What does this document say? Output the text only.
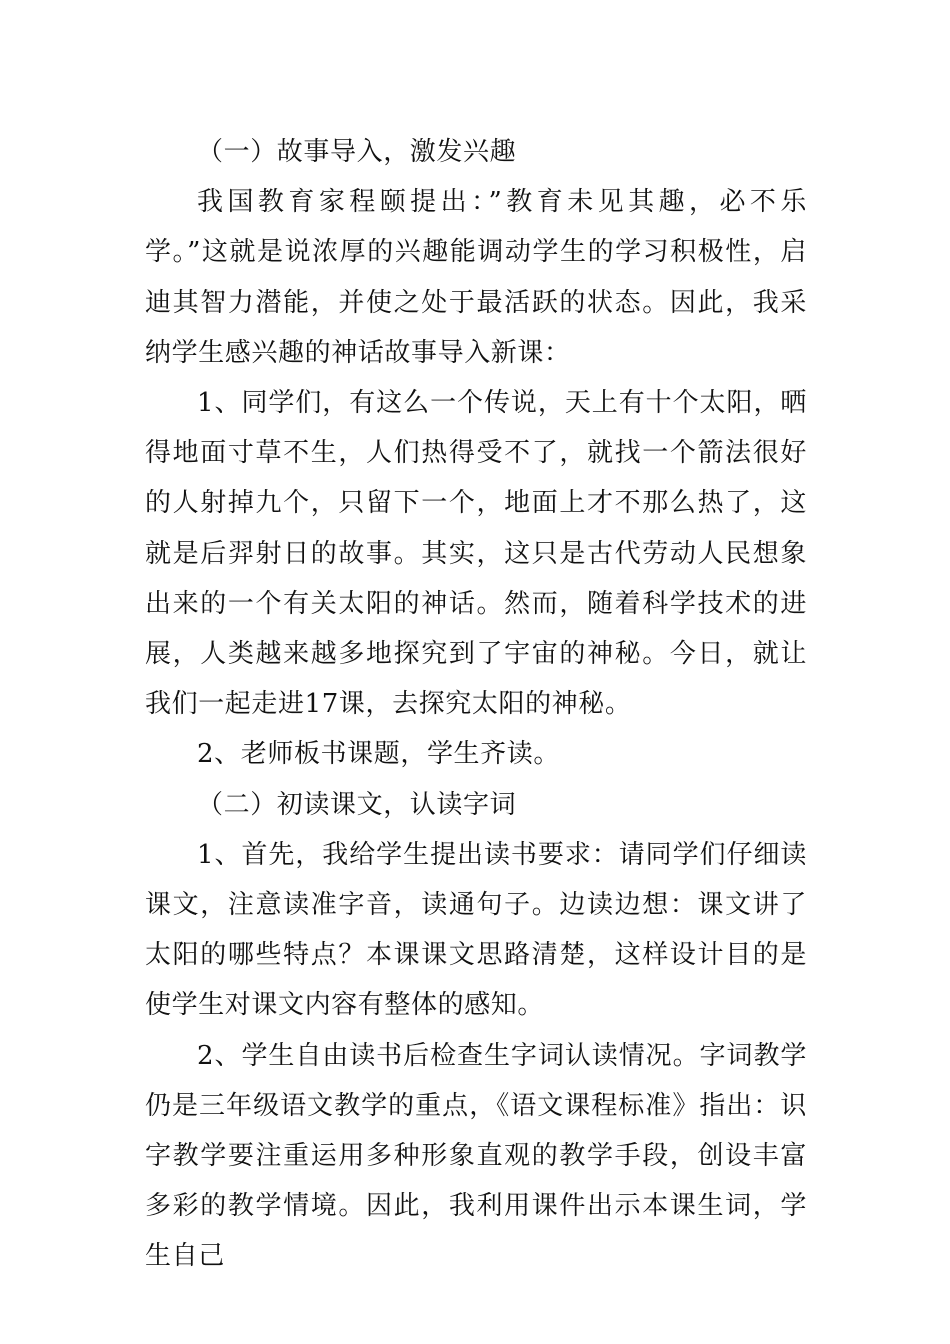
（一）故事导入，激发兴趣

我国教育家程颐提出：”教育未见其趣，必不乐学。”这就是说浓厚的兴趣能调动学生的学习积极性，启迪其智力潜能，并使之处于最活跃的状态。因此，我采纳学生感兴趣的神话故事导入新课：

1、同学们，有这么一个传说，天上有十个太阳，晒得地面寸草不生，人们热得受不了，就找一个箭法很好的人射掉九个，只留下一个，地面上才不那么热了，这就是后羿射日的故事。其实，这只是古代劳动人民想象出来的一个有关太阳的神话。然而，随着科学技术的进展，人类越来越多地探究到了宇宙的神秘。今日，就让我们一起走进17课，去探究太阳的神秘。

2、老师板书课题，学生齐读。

（二）初读课文，认读字词

1、首先，我给学生提出读书要求：请同学们仔细读课文，注意读准字音，读通句子。边读边想：课文讲了太阳的哪些特点？本课课文思路清楚，这样设计目的是使学生对课文内容有整体的感知。

2、学生自由读书后检查生字词认读情况。字词教学仍是三年级语文教学的重点，《语文课程标准》指出：识字教学要注重运用多种形象直观的教学手段，创设丰富多彩的教学情境。因此，我利用课件出示本课生词，学生自己
